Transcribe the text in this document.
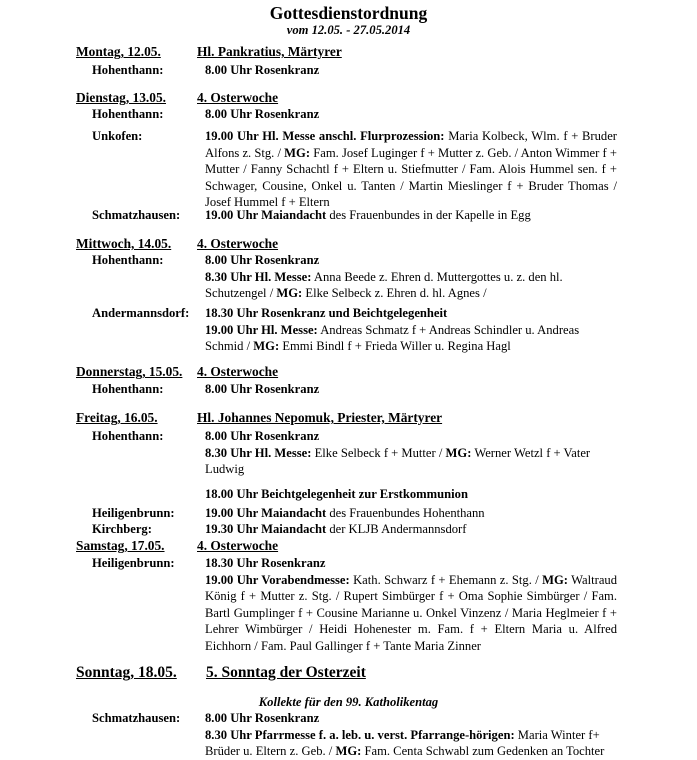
Gottesdienstordnung
vom 12.05. - 27.05.2014
Montag, 12.05.	Hl. Pankratius, Märtyrer
Hohenthann:	8.00 Uhr Rosenkranz
Dienstag, 13.05. 4. Osterwoche
Hohenthann:	8.00 Uhr Rosenkranz
Unkofen:	19.00 Uhr Hl. Messe anschl. Flurprozession: Maria Kolbeck, Wlm. f + Bruder Alfons z. Stg. / MG: Fam. Josef Luginger f + Mutter z. Geb. / Anton Wimmer f + Mutter / Fanny Schachtl f + Eltern u. Stiefmutter / Fam. Alois Hummel sen. f + Schwager, Cousine, Onkel u. Tanten / Martin Mieslinger f + Bruder Thomas / Josef Hummel f + Eltern
Schmatzhausen:	19.00 Uhr Maiandacht des Frauenbundes in der Kapelle in Egg
Mittwoch, 14.05. 4. Osterwoche
Hohenthann:	8.00 Uhr Rosenkranz
8.30 Uhr Hl. Messe: Anna Beede z. Ehren d. Muttergottes u. z. den hl. Schutzengel / MG: Elke Selbeck z. Ehren d. hl. Agnes /
Andermannsdorf:	18.30 Uhr Rosenkranz und Beichtgelegenheit
19.00 Uhr Hl. Messe: Andreas Schmatz f + Andreas Schindler u. Andreas Schmid / MG: Emmi Bindl f + Frieda Willer u. Regina Hagl
Donnerstag, 15.05. 4. Osterwoche
Hohenthann:	8.00 Uhr Rosenkranz
Freitag, 16.05.	Hl. Johannes Nepomuk, Priester, Märtyrer
Hohenthann:	8.00 Uhr Rosenkranz
8.30 Uhr Hl. Messe: Elke Selbeck f + Mutter / MG: Werner Wetzl f + Vater Ludwig
18.00 Uhr Beichtgelegenheit zur Erstkommunion
Heiligenbrunn:	19.00 Uhr Maiandacht des Frauenbundes Hohenthann
Kirchberg:	19.30 Uhr Maiandacht der KLJB Andermannsdorf
Samstag, 17.05. 4. Osterwoche
Heiligenbrunn:	18.30 Uhr Rosenkranz
19.00 Uhr Vorabendmesse: Kath. Schwarz f + Ehemann z. Stg. / MG: Waltraud König f + Mutter z. Stg. / Rupert Simbürger f + Oma Sophie Simbürger / Fam. Bartl Gumplinger f + Cousine Marianne u. Onkel Vinzenz / Maria Heglmeier f + Lehrer Wimbürger / Heidi Hohenester m. Fam. f + Eltern Maria u. Alfred Eichhorn / Fam. Paul Gallinger f + Tante Maria Zinner
Sonntag, 18.05. 5. Sonntag der Osterzeit
Kollekte für den 99. Katholikentag
Schmatzhausen:	8.00 Uhr Rosenkranz
8.30 Uhr Pfarrmesse f. a. leb. u. verst. Pfarrange-hörigen: Maria Winter f+ Brüder u. Eltern z. Geb. / MG: Fam. Centa Schwabl zum Gedenken an Tochter
